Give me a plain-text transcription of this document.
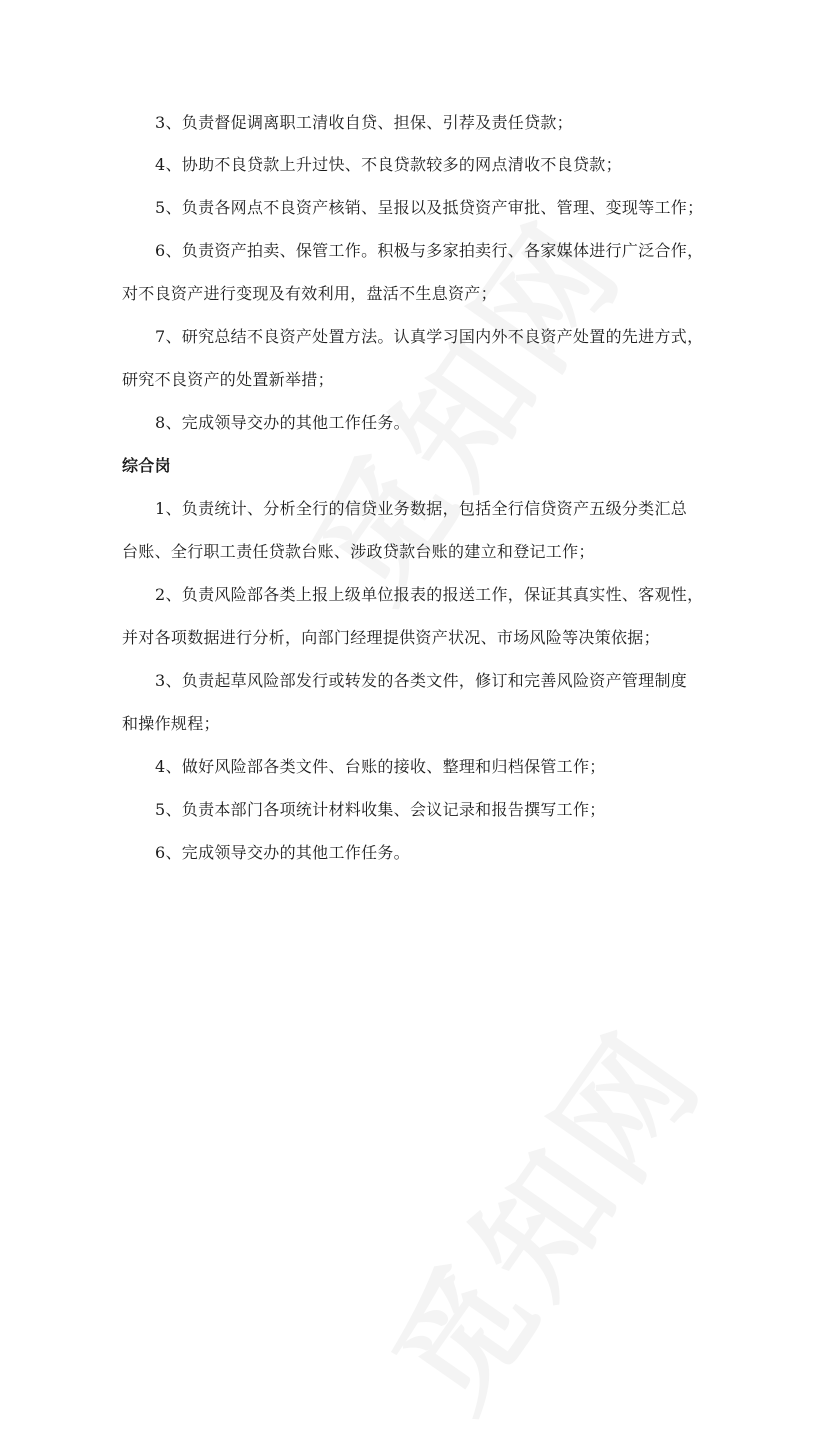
3、负责督促调离职工清收自贷、担保、引荐及责任贷款；
4、协助不良贷款上升过快、不良贷款较多的网点清收不良贷款；
5、负责各网点不良资产核销、呈报以及抵贷资产审批、管理、变现等工作；
6、负责资产拍卖、保管工作。积极与多家拍卖行、各家媒体进行广泛合作，
对不良资产进行变现及有效利用，盘活不生息资产；
7、研究总结不良资产处置方法。认真学习国内外不良资产处置的先进方式，
研究不良资产的处置新举措；
8、完成领导交办的其他工作任务。
综合岗
1、负责统计、分析全行的信贷业务数据，包括全行信贷资产五级分类汇总
台账、全行职工责任贷款台账、涉政贷款台账的建立和登记工作；
2、负责风险部各类上报上级单位报表的报送工作，保证其真实性、客观性，
并对各项数据进行分析，向部门经理提供资产状况、市场风险等决策依据；
3、负责起草风险部发行或转发的各类文件，修订和完善风险资产管理制度
和操作规程；
4、做好风险部各类文件、台账的接收、整理和归档保管工作；
5、负责本部门各项统计材料收集、会议记录和报告撰写工作；
6、完成领导交办的其他工作任务。
